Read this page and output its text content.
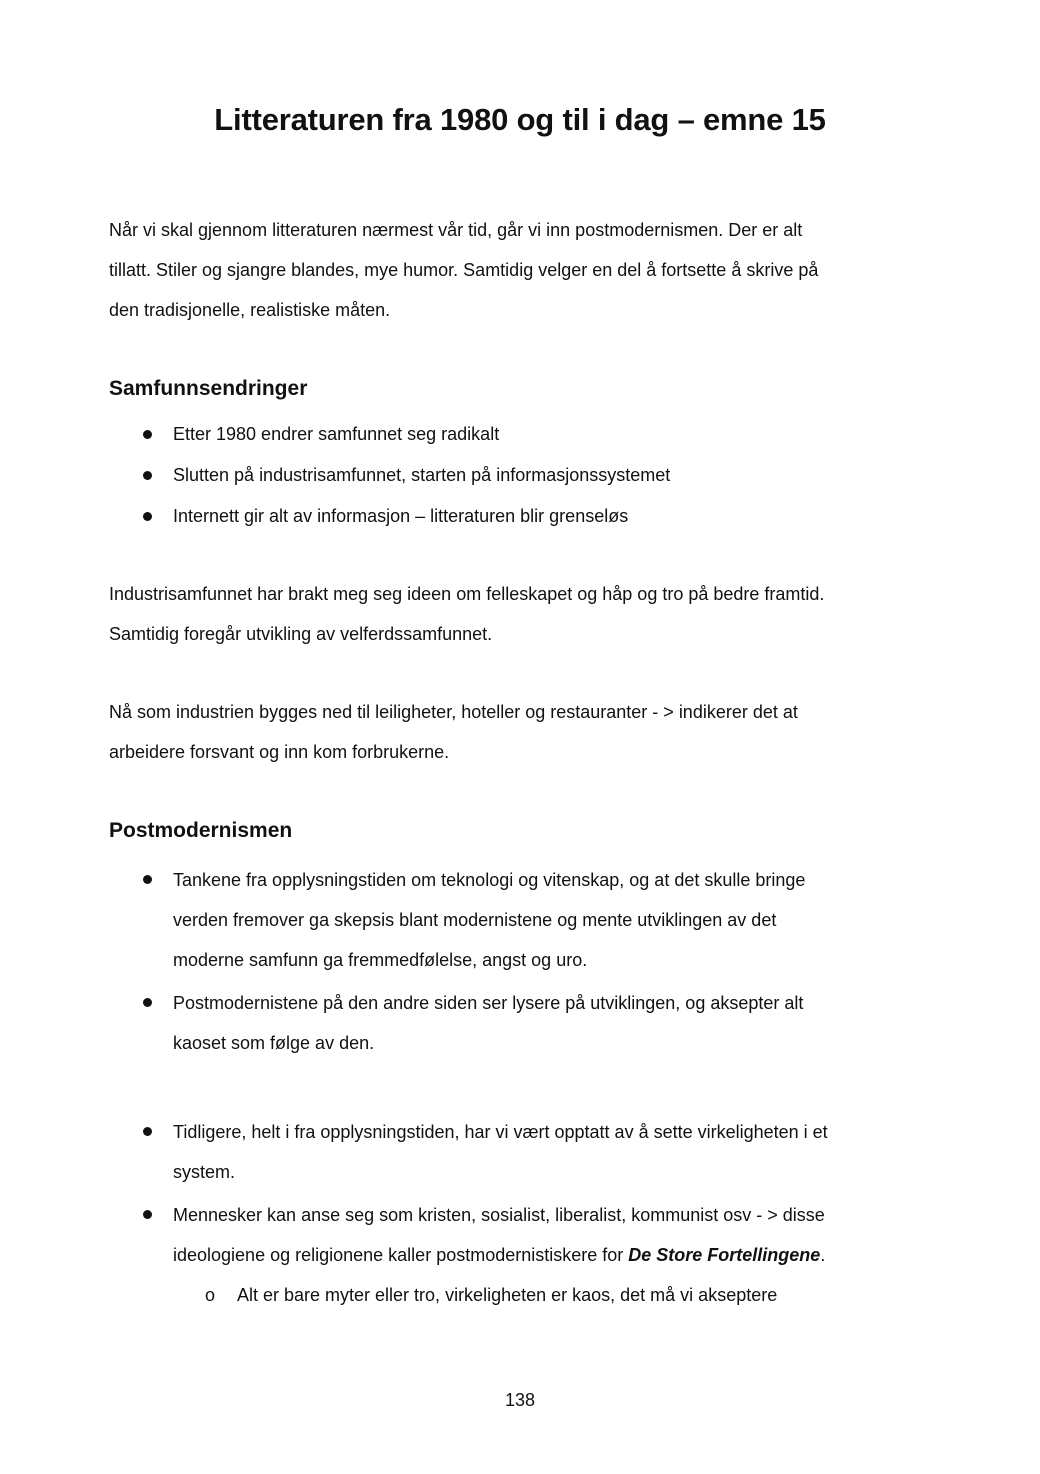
Litteraturen fra 1980 og til i dag – emne 15
Når vi skal gjennom litteraturen nærmest vår tid, går vi inn postmodernismen. Der er alt
tillatt. Stiler og sjangre blandes, mye humor. Samtidig velger en del å fortsette å skrive på
den tradisjonelle, realistiske måten.
Samfunnsendringer
Etter 1980 endrer samfunnet seg radikalt
Slutten på industrisamfunnet, starten på informasjonssystemet
Internett gir alt av informasjon – litteraturen blir grenseløs
Industrisamfunnet har brakt meg seg ideen om felleskapet og håp og tro på bedre framtid.
Samtidig foregår utvikling av velferdssamfunnet.
Nå som industrien bygges ned til leiligheter, hoteller og restauranter - > indikerer det at
arbeidere forsvant og inn kom forbrukerne.
Postmodernismen
Tankene fra opplysningstiden om teknologi og vitenskap, og at det skulle bringe
verden fremover ga skepsis blant modernistene og mente utviklingen av det
moderne samfunn ga fremmedfølelse, angst og uro.
Postmodernistene på den andre siden ser lysere på utviklingen, og aksepter alt
kaoset som følge av den.
Tidligere, helt i fra opplysningstiden, har vi vært opptatt av å sette virkeligheten i et
system.
Mennesker kan anse seg som kristen, sosialist, liberalist, kommunist osv - > disse
ideologiene og religionene kaller postmodernistiskere for De Store Fortellingene.
o Alt er bare myter eller tro, virkeligheten er kaos, det må vi akseptere

138
